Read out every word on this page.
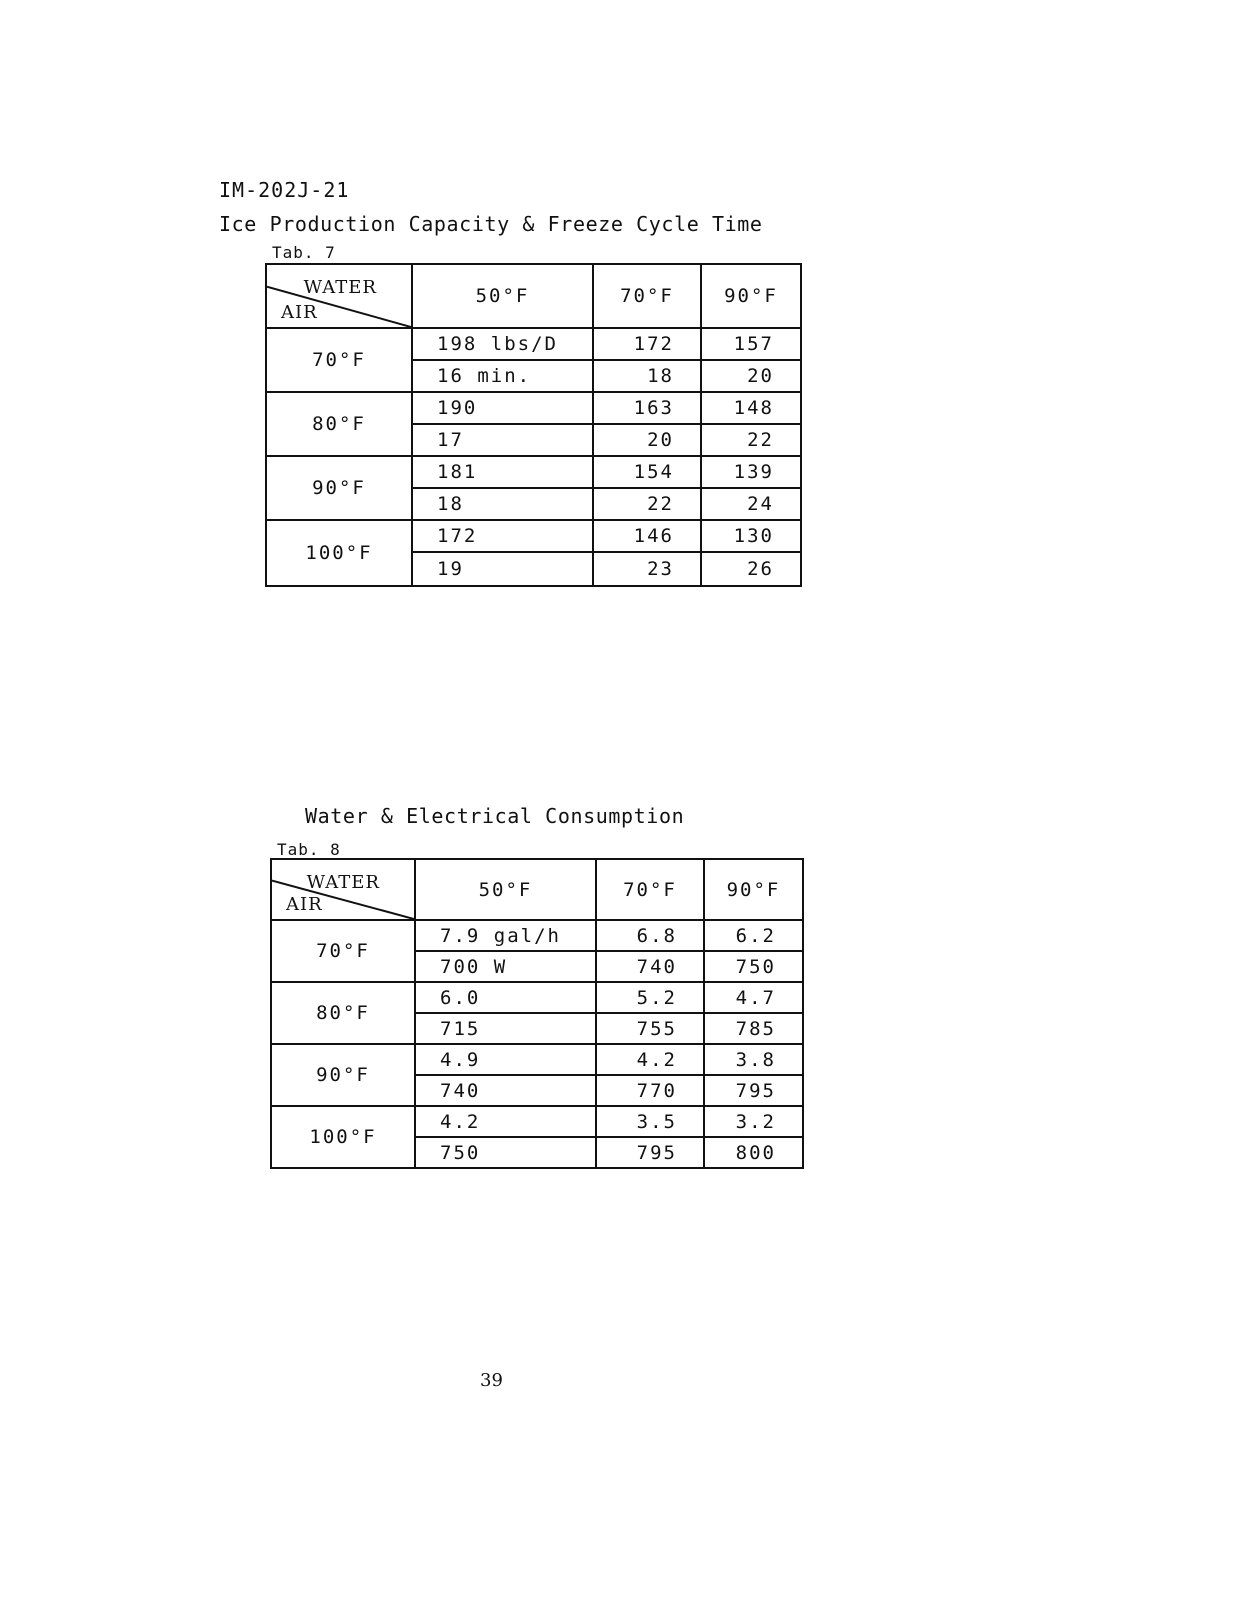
IM-202J-21
Ice Production Capacity & Freeze Cycle Time
Tab. 7
WATER
AIR	50°F	70°F	90°F
70°F	198 lbs/D	172	157
	16 min.	18	20
80°F	190	163	148
	17	20	22
90°F	181	154	139
	18	22	24
100°F	172	146	130
	19	23	26
Water & Electrical Consumption
Tab. 8
WATER
AIR	50°F	70°F	90°F
70°F	7.9 gal/h	6.8	6.2
	700 W	740	750
80°F	6.0	5.2	4.7
	715	755	785
90°F	4.9	4.2	3.8
	740	770	795
100°F	4.2	3.5	3.2
	750	795	800
39
